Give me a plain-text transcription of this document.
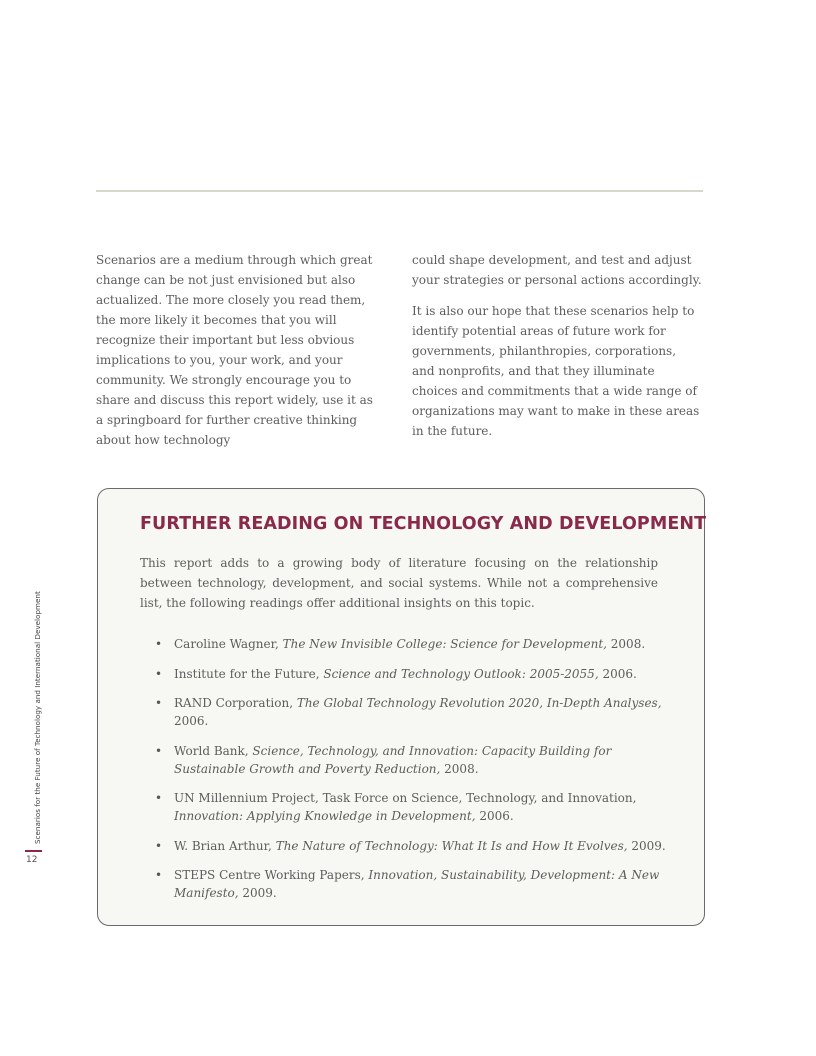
Scenarios are a medium through which great change can be not just envisioned but also actualized. The more closely you read them, the more likely it becomes that you will recognize their important but less obvious implications to you, your work, and your community. We strongly encourage you to share and discuss this report widely, use it as a springboard for further creative thinking about how technology

could shape development, and test and adjust your strategies or personal actions accordingly.

It is also our hope that these scenarios help to identify potential areas of future work for governments, philanthropies, corporations, and nonprofits, and that they illuminate choices and commitments that a wide range of organizations may want to make in these areas in the future.

FURTHER READING ON TECHNOLOGY AND DEVELOPMENT

This report adds to a growing body of literature focusing on the relationship between technology, development, and social systems. While not a comprehensive list, the following readings offer additional insights on this topic.

• Caroline Wagner, The New Invisible College: Science for Development, 2008.
• Institute for the Future, Science and Technology Outlook: 2005-2055, 2006.
• RAND Corporation, The Global Technology Revolution 2020, In-Depth Analyses, 2006.
• World Bank, Science, Technology, and Innovation: Capacity Building for Sustainable Growth and Poverty Reduction, 2008.
• UN Millennium Project, Task Force on Science, Technology, and Innovation, Innovation: Applying Knowledge in Development, 2006.
• W. Brian Arthur, The Nature of Technology: What It Is and How It Evolves, 2009.
• STEPS Centre Working Papers, Innovation, Sustainability, Development: A New Manifesto, 2009.
Scenarios for the Future of Technology and International Development
12
